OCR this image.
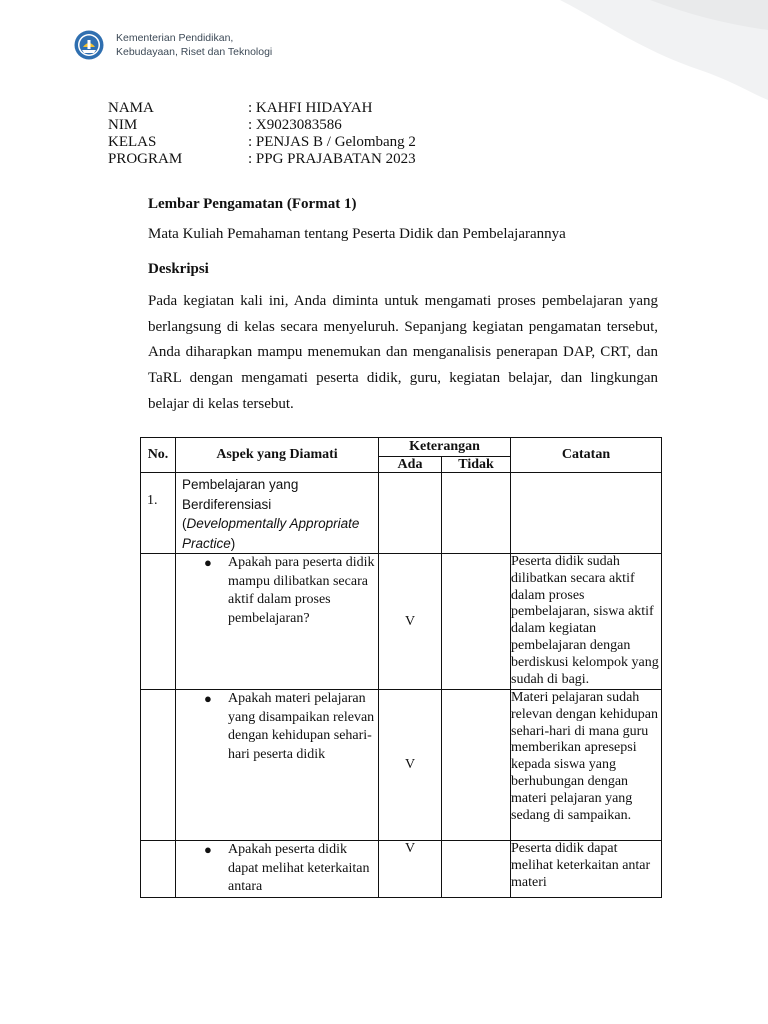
Kementerian Pendidikan,
Kebudayaan, Riset dan Teknologi
NAMA	: KAHFI HIDAYAH
NIM	: X9023083586
KELAS	: PENJAS B / Gelombang 2
PROGRAM	: PPG PRAJABATAN 2023
Lembar Pengamatan (Format 1)
Mata Kuliah Pemahaman tentang Peserta Didik dan Pembelajarannya
Deskripsi

Pada kegiatan kali ini, Anda diminta untuk mengamati proses pembelajaran yang berlangsung di kelas secara menyeluruh. Sepanjang kegiatan pengamatan tersebut, Anda diharapkan mampu menemukan dan menganalisis penerapan DAP, CRT, dan TaRL dengan mengamati peserta didik, guru, kegiatan belajar, dan lingkungan belajar di kelas tersebut.

No.	Aspek yang Diamati	Keterangan		Catatan
		Ada	Tidak	
1.	Pembelajaran yang Berdiferensiasi (Developmentally Appropriate Practice)			

	● Apakah para peserta didik mampu dilibatkan secara aktif dalam proses pembelajaran?	V		Peserta didik sudah dilibatkan secara aktif dalam proses pembelajaran, siswa aktif dalam kegiatan pembelajaran dengan berdiskusi kelompok yang sudah di bagi.

	● Apakah materi pelajaran yang disampaikan relevan dengan kehidupan sehari-hari peserta didik	V		Materi pelajaran sudah relevan dengan kehidupan sehari-hari di mana guru memberikan apresepsi kepada siswa yang berhubungan dengan materi pelajaran yang sedang di sampaikan.

	● Apakah peserta didik dapat melihat keterkaitan antara	V		Peserta didik dapat melihat keterkaitan antar materi
